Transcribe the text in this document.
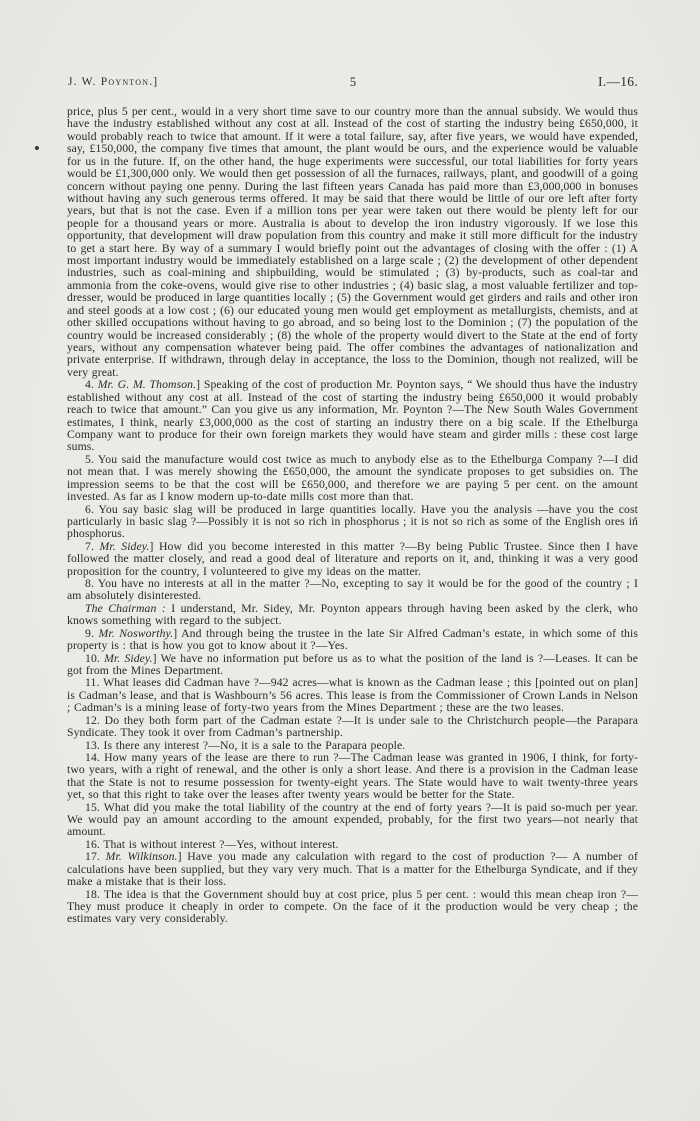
J. W. Poynton.]	5	I.—16.

price, plus 5 per cent., would in a very short time save to our country more than the annual subsidy. We would thus have the industry established without any cost at all. Instead of the cost of starting the industry being £650,000, it would probably reach to twice that amount. If it were a total failure, say, after five years, we would have expended, say, £150,000, the company five times that amount, the plant would be ours, and the experience would be valuable for us in the future. If, on the other hand, the huge experiments were successful, our total liabilities for forty years would be £1,300,000 only. We would then get possession of all the furnaces, railways, plant, and goodwill of a going concern without paying one penny. During the last fifteen years Canada has paid more than £3,000,000 in bonuses without having any such generous terms offered. It may be said that there would be little of our ore left after forty years, but that is not the case. Even if a million tons per year were taken out there would be plenty left for our people for a thousand years or more. Australia is about to develop the iron industry vigorously. If we lose this opportunity, that development will draw population from this country and make it still more difficult for the industry to get a start here. By way of a summary I would briefly point out the advantages of closing with the offer : (1) A most important industry would be immediately established on a large scale ; (2) the development of other dependent industries, such as coal-mining and shipbuilding, would be stimulated ; (3) by-products, such as coal-tar and ammonia from the coke-ovens, would give rise to other industries ; (4) basic slag, a most valuable fertilizer and top-dresser, would be produced in large quantities locally ; (5) the Government would get girders and rails and other iron and steel goods at a low cost ; (6) our educated young men would get employment as metallurgists, chemists, and at other skilled occupations without having to go abroad, and so being lost to the Dominion ; (7) the population of the country would be increased considerably ; (8) the whole of the property would divert to the State at the end of forty years, without any compensation whatever being paid. The offer combines the advantages of nationalization and private enterprise. If withdrawn, through delay in acceptance, the loss to the Dominion, though not realized, will be very great.

4. Mr. G. M. Thomson.] Speaking of the cost of production Mr. Poynton says, “ We should thus have the industry established without any cost at all. Instead of the cost of starting the industry being £650,000 it would probably reach to twice that amount.” Can you give us any information, Mr. Poynton ?—The New South Wales Government estimates, I think, nearly £3,000,000 as the cost of starting an industry there on a big scale. If the Ethelburga Company want to produce for their own foreign markets they would have steam and girder mills : these cost large sums.

5. You said the manufacture would cost twice as much to anybody else as to the Ethelburga Company ?—I did not mean that. I was merely showing the £650,000, the amount the syndicate proposes to get subsidies on. The impression seems to be that the cost will be £650,000, and therefore we are paying 5 per cent. on the amount invested. As far as I know modern up-to-date mills cost more than that.

6. You say basic slag will be produced in large quantities locally. Have you the analysis —have you the cost particularly in basic slag ?—Possibly it is not so rich in phosphorus ; it is not so rich as some of the English ores in phosphorus.

7. Mr. Sidey.] How did you become interested in this matter ?—By being Public Trustee. Since then I have followed the matter closely, and read a good deal of literature and reports on it, and, thinking it was a very good proposition for the country, I volunteered to give my ideas on the matter.

8. You have no interests at all in the matter ?—No, excepting to say it would be for the good of the country ; I am absolutely disinterested.

The Chairman : I understand, Mr. Sidey, Mr. Poynton appears through having been asked by the clerk, who knows something with regard to the subject.

9. Mr. Nosworthy.] And through being the trustee in the late Sir Alfred Cadman’s estate, in which some of this property is : that is how you got to know about it ?—Yes.

10. Mr. Sidey.] We have no information put before us as to what the position of the land is ?—Leases. It can be got from the Mines Department.

11. What leases did Cadman have ?—942 acres—what is known as the Cadman lease ; this [pointed out on plan] is Cadman’s lease, and that is Washbourn’s 56 acres. This lease is from the Commissioner of Crown Lands in Nelson ; Cadman’s is a mining lease of forty-two years from the Mines Department ; these are the two leases.

12. Do they both form part of the Cadman estate ?—It is under sale to the Christchurch people—the Parapara Syndicate. They took it over from Cadman’s partnership.

13. Is there any interest ?—No, it is a sale to the Parapara people.

14. How many years of the lease are there to run ?—The Cadman lease was granted in 1906, I think, for forty-two years, with a right of renewal, and the other is only a short lease. And there is a provision in the Cadman lease that the State is not to resume possession for twenty-eight years. The State would have to wait twenty-three years yet, so that this right to take over the leases after twenty years would be better for the State.

15. What did you make the total liability of the country at the end of forty years ?—It is paid so-much per year. We would pay an amount according to the amount expended, probably, for the first two years—not nearly that amount.

16. That is without interest ?—Yes, without interest.

17. Mr. Wilkinson.] Have you made any calculation with regard to the cost of production ?— A number of calculations have been supplied, but they vary very much. That is a matter for the Ethelburga Syndicate, and if they make a mistake that is their loss.

18. The idea is that the Government should buy at cost price, plus 5 per cent. : would this mean cheap iron ?—They must produce it cheaply in order to compete. On the face of it the production would be very cheap ; the estimates vary very considerably.
